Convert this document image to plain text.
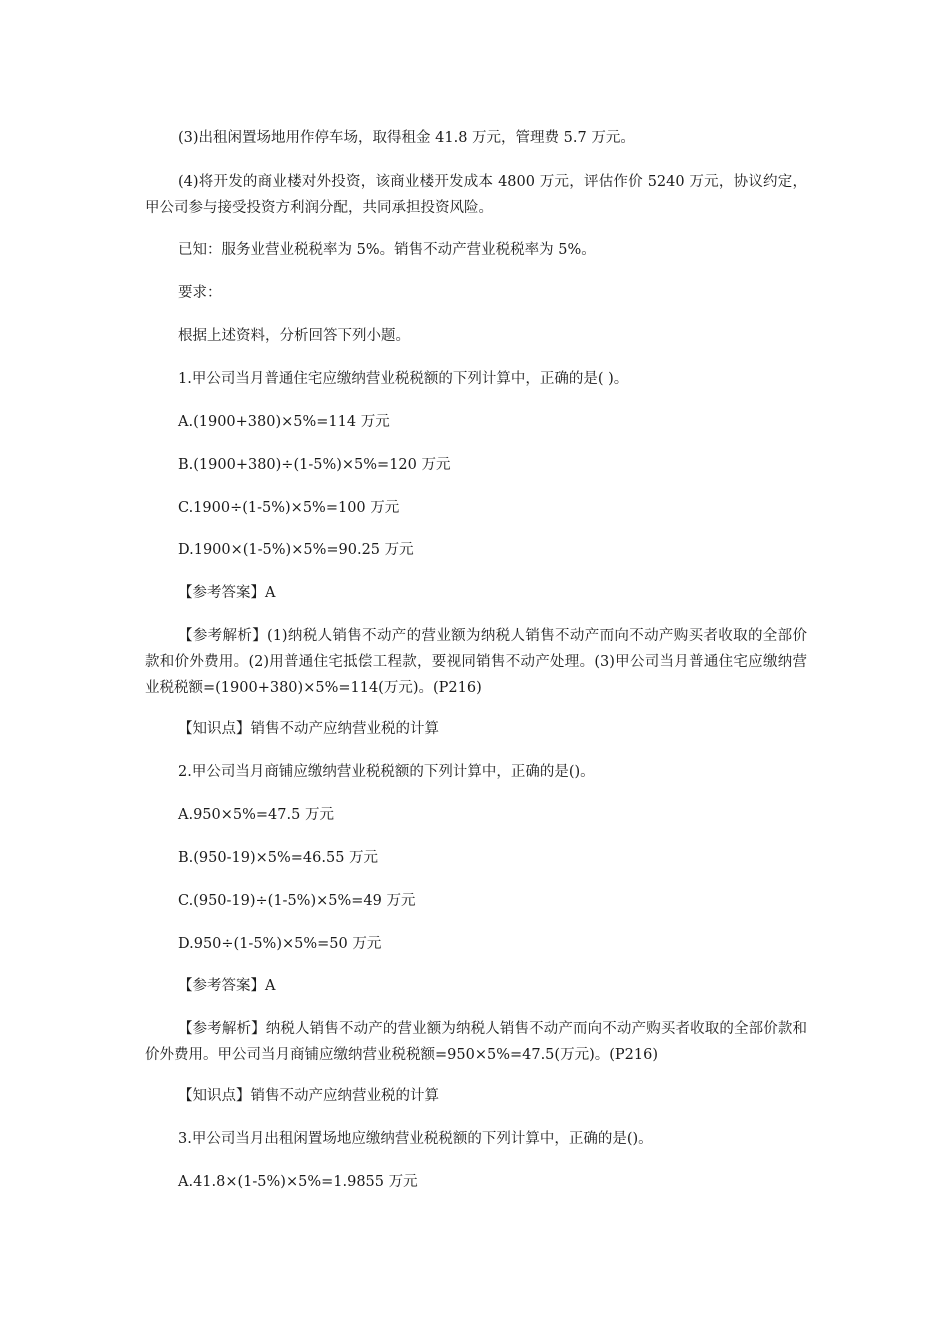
(3)出租闲置场地用作停车场，取得租金 41.8 万元，管理费 5.7 万元。

(4)将开发的商业楼对外投资，该商业楼开发成本 4800 万元，评估作价 5240 万元，协议约定，甲公司参与接受投资方利润分配，共同承担投资风险。

已知：服务业营业税税率为 5%。销售不动产营业税税率为 5%。

要求：

根据上述资料，分析回答下列小题。

1.甲公司当月普通住宅应缴纳营业税税额的下列计算中，正确的是( )。

A.(1900+380)×5%=114 万元

B.(1900+380)÷(1-5%)×5%=120 万元

C.1900÷(1-5%)×5%=100 万元

D.1900×(1-5%)×5%=90.25 万元

【参考答案】A

【参考解析】(1)纳税人销售不动产的营业额为纳税人销售不动产而向不动产购买者收取的全部价款和价外费用。(2)用普通住宅抵偿工程款，要视同销售不动产处理。(3)甲公司当月普通住宅应缴纳营业税税额=(1900+380)×5%=114(万元)。(P216)

【知识点】销售不动产应纳营业税的计算

2.甲公司当月商铺应缴纳营业税税额的下列计算中，正确的是()。

A.950×5%=47.5 万元

B.(950-19)×5%=46.55 万元

C.(950-19)÷(1-5%)×5%=49 万元

D.950÷(1-5%)×5%=50 万元

【参考答案】A

【参考解析】纳税人销售不动产的营业额为纳税人销售不动产而向不动产购买者收取的全部价款和价外费用。甲公司当月商铺应缴纳营业税税额=950×5%=47.5(万元)。(P216)

【知识点】销售不动产应纳营业税的计算

3.甲公司当月出租闲置场地应缴纳营业税税额的下列计算中，正确的是()。

A.41.8×(1-5%)×5%=1.9855 万元
